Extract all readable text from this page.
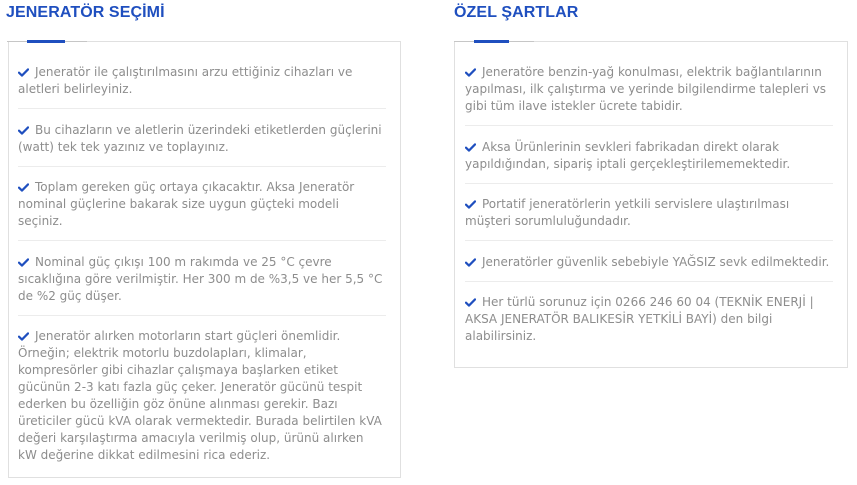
JENERATÖR SEÇİMİ
Jeneratör ile çalıştırılmasını arzu ettiğiniz cihazları ve aletleri belirleyiniz.
Bu cihazların ve aletlerin üzerindeki etiketlerden güçlerini (watt) tek tek yazınız ve toplayınız.
Toplam gereken güç ortaya çıkacaktır. Aksa Jeneratör nominal güçlerine bakarak size uygun güçteki modeli seçiniz.
Nominal güç çıkışı 100 m rakımda ve 25 °C çevre sıcaklığına göre verilmiştir. Her 300 m de %3,5 ve her 5,5 °C de %2 güç düşer.
Jeneratör alırken motorların start güçleri önemlidir. Örneğin; elektrik motorlu buzdolapları, klimalar, kompresörler gibi cihazlar çalışmaya başlarken etiket gücünün 2-3 katı fazla güç çeker. Jeneratör gücünü tespit ederken bu özelliğin göz önüne alınması gerekir. Bazı üreticiler gücü kVA olarak vermektedir. Burada belirtilen kVA değeri karşılaştırma amacıyla verilmiş olup, ürünü alırken kW değerine dikkat edilmesini rica ederiz.
ÖZEL ŞARTLAR
Jeneratöre benzin-yağ konulması, elektrik bağlantılarının yapılması, ilk çalıştırma ve yerinde bilgilendirme talepleri vs gibi tüm ilave istekler ücrete tabidir.
Aksa Ürünlerinin sevkleri fabrikadan direkt olarak yapıldığından, sipariş iptali gerçekleştirilememektedir.
Portatif jeneratörlerin yetkili servislere ulaştırılması müşteri sorumluluğundadır.
Jeneratörler güvenlik sebebiyle YAĞSIZ sevk edilmektedir.
Her türlü sorunuz için 0266 246 60 04 (TEKNİK ENERJİ | AKSA JENERATÖR BALIKESİR YETKİLİ BAYİ) den bilgi alabilirsiniz.
